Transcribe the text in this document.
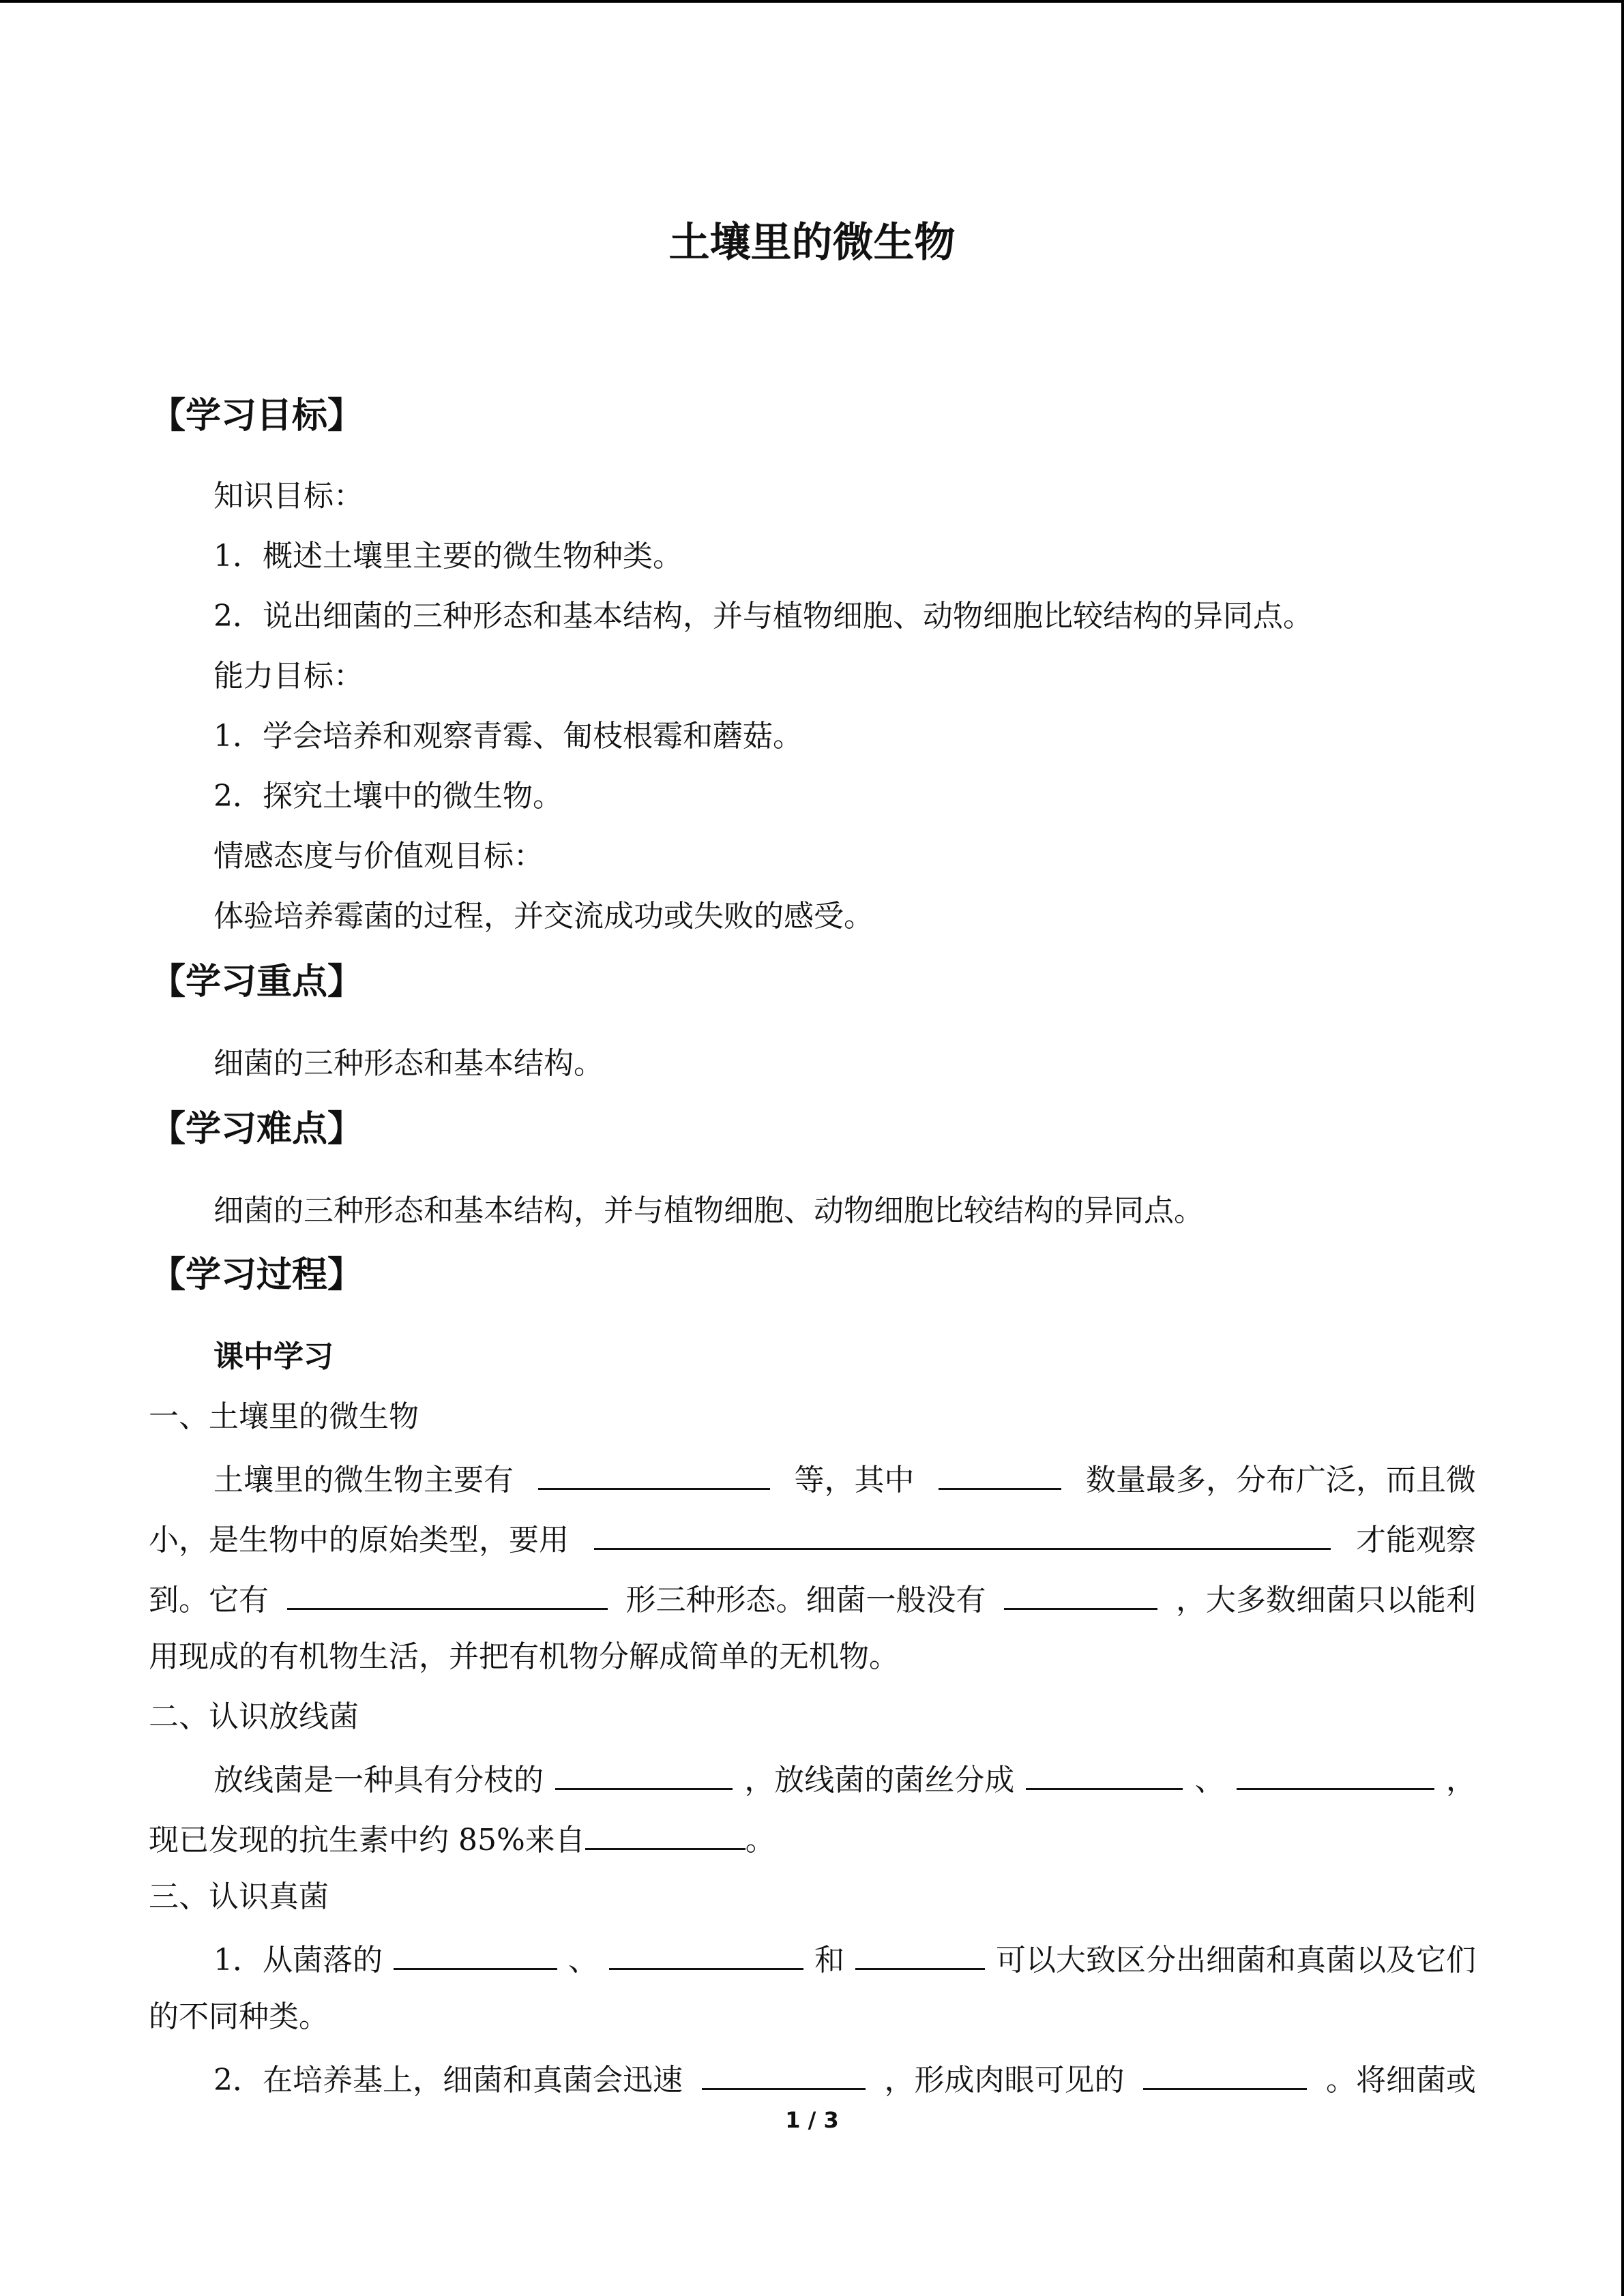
土壤里的微生物
【学习目标】
知识目标：
1．概述土壤里主要的微生物种类。
2．说出细菌的三种形态和基本结构，并与植物细胞、动物细胞比较结构的异同点。
能力目标：
1．学会培养和观察青霉、匍枝根霉和蘑菇。
2．探究土壤中的微生物。
情感态度与价值观目标：
体验培养霉菌的过程，并交流成功或失败的感受。
【学习重点】
细菌的三种形态和基本结构。
【学习难点】
细菌的三种形态和基本结构，并与植物细胞、动物细胞比较结构的异同点。
【学习过程】
课中学习
一、土壤里的微生物
土壤里的微生物主要有	等，其中	数量最多，分布广泛，而且微
小，是生物中的原始类型，要用	才能观察
到。它有	形三种形态。细菌一般没有	，大多数细菌只以能利
用现成的有机物生活，并把有机物分解成简单的无机物。
二、认识放线菌
放线菌是一种具有分枝的	，放线菌的菌丝分成	、	，
现已发现的抗生素中约 85%来自	。
三、认识真菌
1．从菌落的	、	和	可以大致区分出细菌和真菌以及它们
的不同种类。
2．在培养基上，细菌和真菌会迅速	，形成肉眼可见的	。将细菌或
1 / 3
